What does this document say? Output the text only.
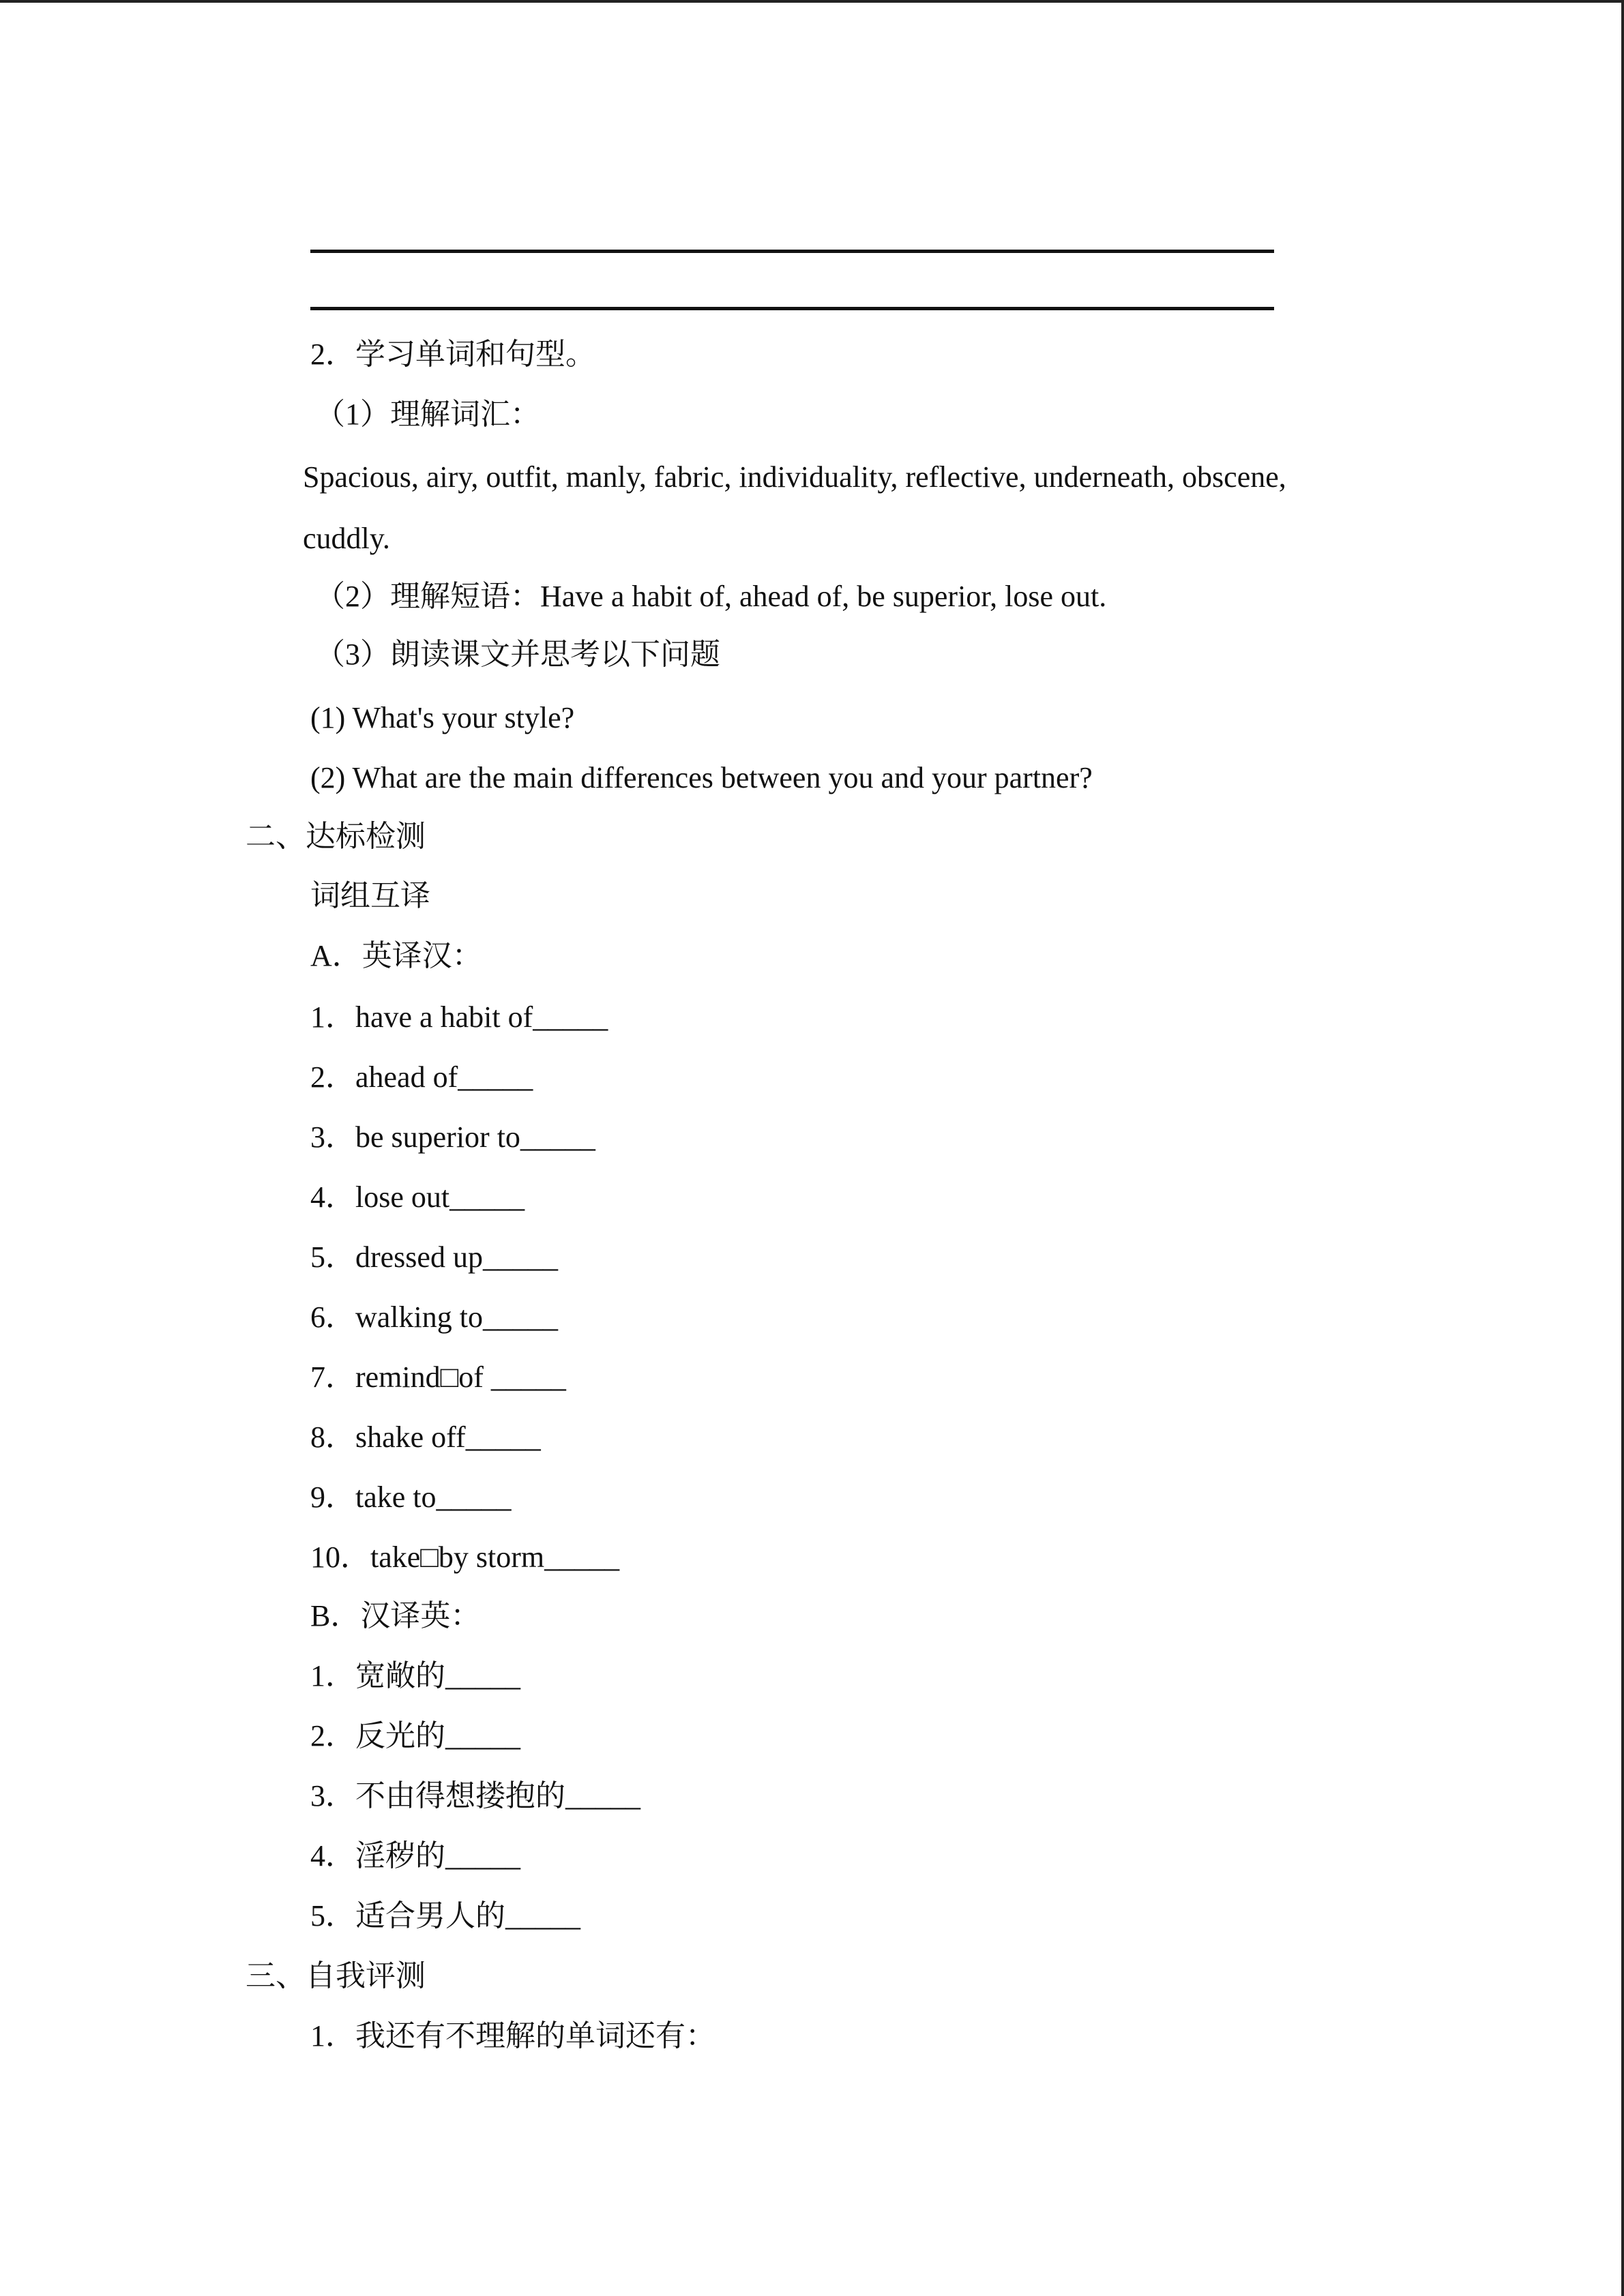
2．学习单词和句型。
（1）理解词汇：
Spacious, airy, outfit, manly, fabric, individuality, reflective, underneath, obscene,
cuddly.
（2）理解短语：Have a habit of, ahead of, be superior, lose out.
（3）朗读课文并思考以下问题
(1) What's your style?
(2) What are the main differences between you and your partner?
二、达标检测
词组互译
A．英译汉：
1．have a habit of_____
2．ahead of_____
3．be superior to_____
4．lose out_____
5．dressed up_____
6．walking to_____
7．remind□of _____
8．shake off_____
9．take to_____
10．take□by storm_____
B．汉译英：
1．宽敞的_____
2．反光的_____
3．不由得想搂抱的_____
4．淫秽的_____
5．适合男人的_____
三、自我评测
1．我还有不理解的单词还有：
